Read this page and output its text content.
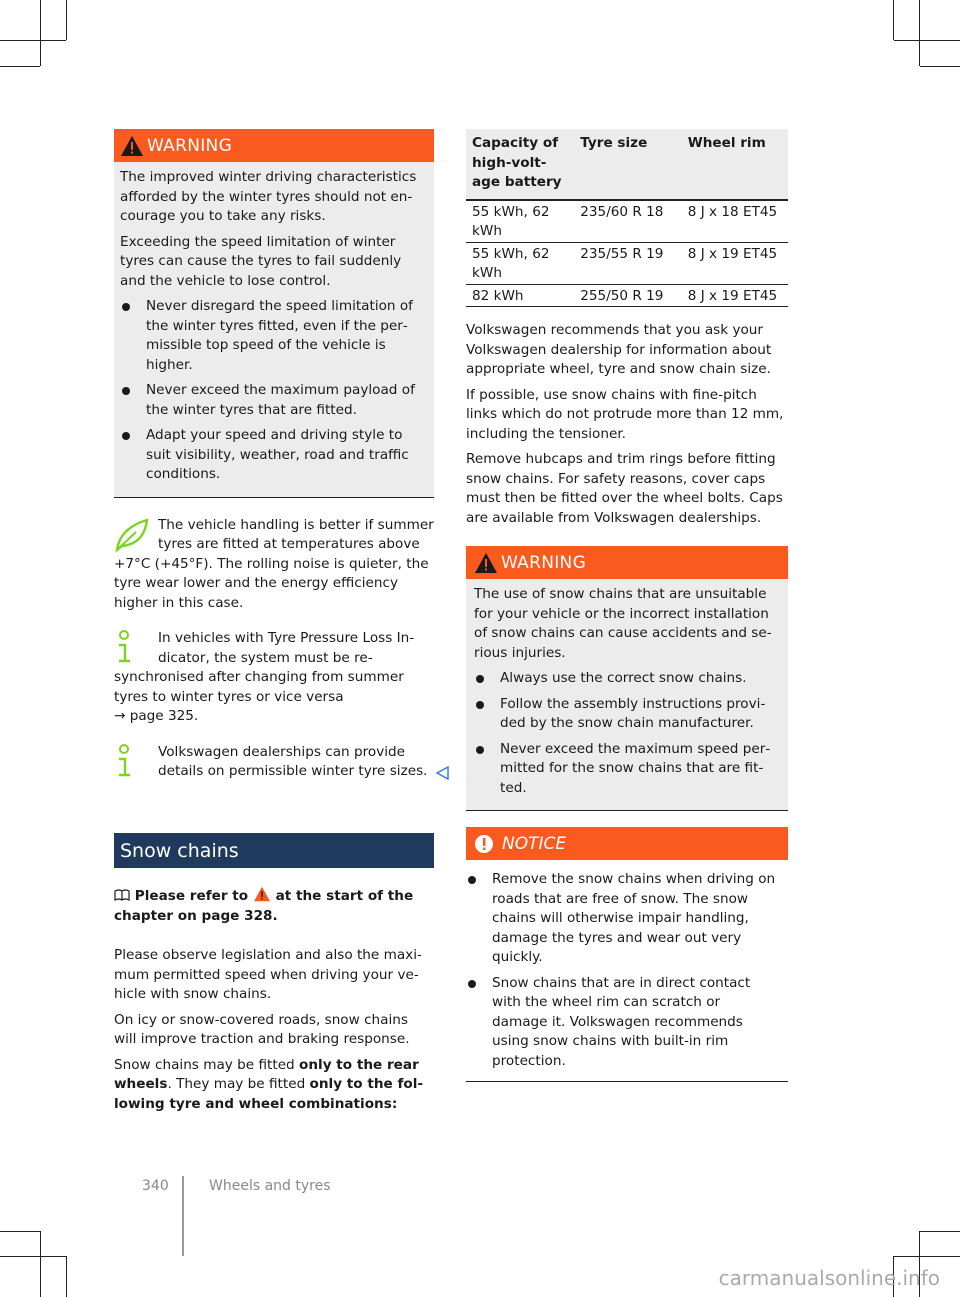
WARNING

The improved winter driving characteristics afforded by the winter tyres should not encourage you to take any risks.

Exceeding the speed limitation of winter tyres can cause the tyres to fail suddenly and the vehicle to lose control.

Never disregard the speed limitation of the winter tyres fitted, even if the permissible top speed of the vehicle is higher.

Never exceed the maximum payload of the winter tyres that are fitted.

Adapt your speed and driving style to suit visibility, weather, road and traffic conditions.

The vehicle handling is better if summer tyres are fitted at temperatures above +7°C (+45°F). The rolling noise is quieter, the tyre wear lower and the energy efficiency higher in this case.
In vehicles with Tyre Pressure Loss Indicator, the system must be re-synchronised after changing from summer tyres to winter tyres or vice versa
→ page 325.
Volkswagen dealerships can provide details on permissible winter tyre sizes.
Snow chains

Please refer to at the start of the chapter on page 328.

Please observe legislation and also the maximum permitted speed when driving your vehicle with snow chains.

On icy or snow-covered roads, snow chains will improve traction and braking response.

Snow chains may be fitted only to the rear wheels. They may be fitted only to the following tyre and wheel combinations:

Capacity of high-voltage battery	Tyre size	Wheel rim
55 kWh, 62 kWh	235/60 R 18	8 J x 18 ET45
55 kWh, 62 kWh	235/55 R 19	8 J x 19 ET45
82 kWh	255/50 R 19	8 J x 19 ET45

Volkswagen recommends that you ask your Volkswagen dealership for information about appropriate wheel, tyre and snow chain size.

If possible, use snow chains with fine-pitch links which do not protrude more than 12 mm, including the tensioner.

Remove hubcaps and trim rings before fitting snow chains. For safety reasons, cover caps must then be fitted over the wheel bolts. Caps are available from Volkswagen dealerships.

WARNING

The use of snow chains that are unsuitable for your vehicle or the incorrect installation of snow chains can cause accidents and serious injuries.

Always use the correct snow chains.

Follow the assembly instructions provided by the snow chain manufacturer.

Never exceed the maximum speed permitted for the snow chains that are fitted.

NOTICE

Remove the snow chains when driving on roads that are free of snow. The snow chains will otherwise impair handling, damage the tyres and wear out very quickly.

Snow chains that are in direct contact with the wheel rim can scratch or damage it. Volkswagen recommends using snow chains with built-in rim protection.

340	Wheels and tyres
carmanualsonline.info
